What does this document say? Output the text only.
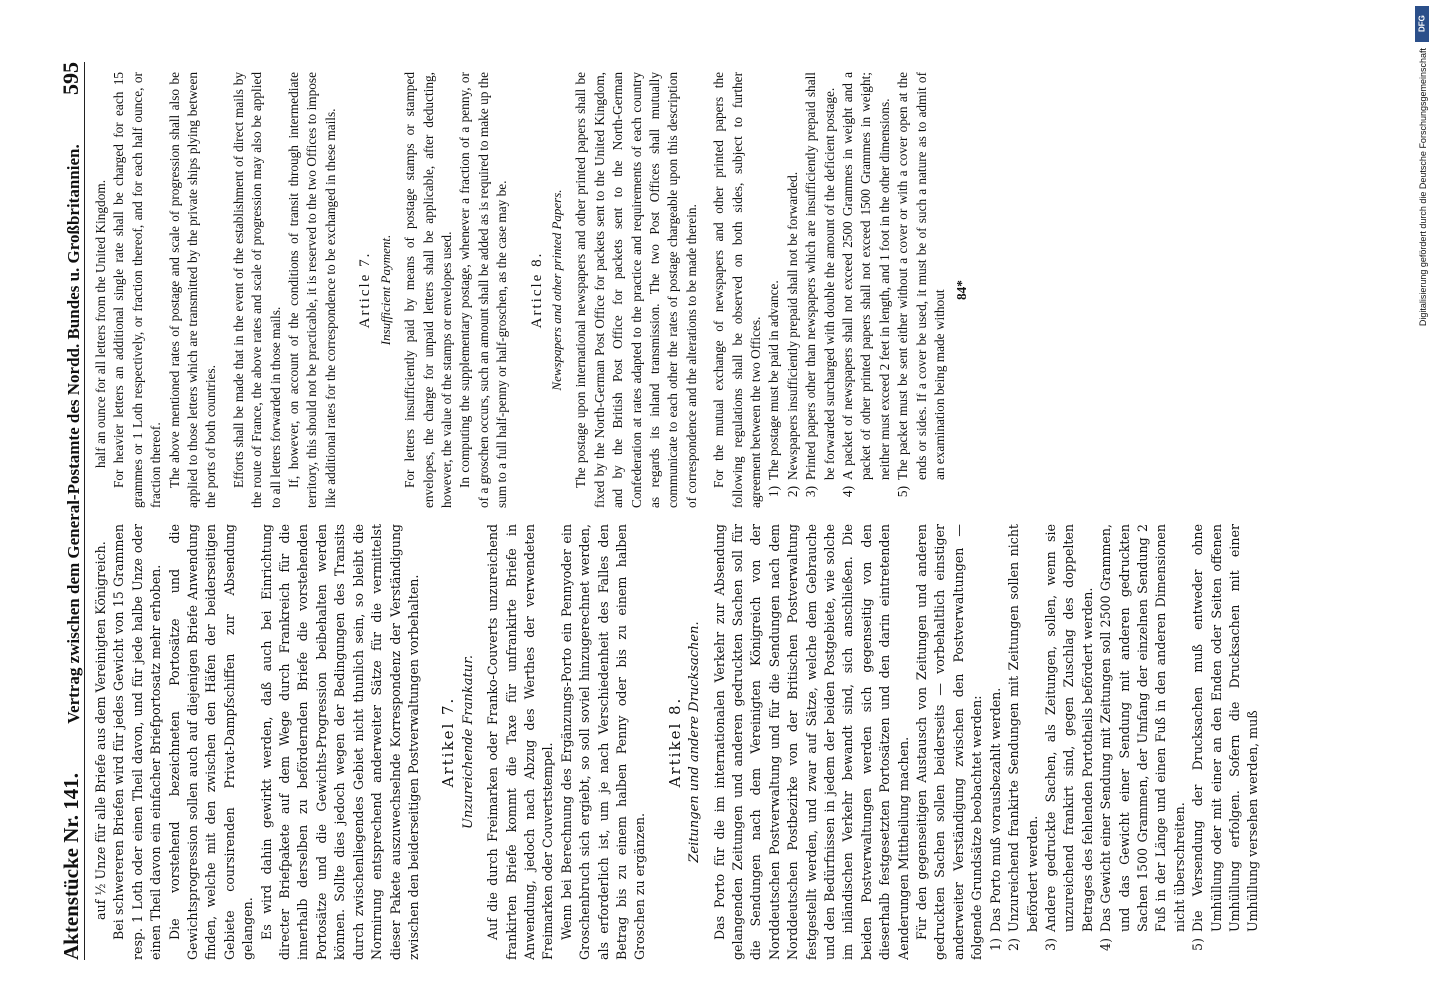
Aktenstücke Nr. 141.
Vertrag zwischen dem General-Postamte des Nordd. Bundes u. Großbritannien.
595

auf ½ Unze für alle Briefe aus dem Vereinigten Königreich. Bei schwereren Briefen wird für jedes Gewicht von 15 Grammen resp. 1 Loth oder einen Theil davon, und für jede halbe Unze oder einen Theil davon ein einfacher Briefportosatz mehr erhoben. Die vorstehend bezeichneten Portosätze und die Gewichtsprogression sollen auch auf diejenigen Briefe Anwendung finden, welche mit den zwischen den Häfen der beiderseitigen Gebiete coursirenden Privat-Dampfschiffen zur Absendung gelangen. Es wird dahin gewirkt werden, daß auch bei Einrichtung directer Briefpakete auf dem Wege durch Frankreich für die innerhalb derselben zu befördernden Briefe die vorstehenden Portosätze und die Gewichts-Progression beibehalten werden können. Sollte dies jedoch wegen der Bedingungen des Transits durch zwischenliegendes Gebiet nicht thunlich sein, so bleibt die Normirung entsprechend anderweiter Sätze für die vermittelst dieser Pakete auszuwechselnde Korrespondenz der Verständigung zwischen den beiderseitigen Postverwaltungen vorbehalten. Artikel 7. Unzureichende Frankatur. Auf die durch Freimarken oder Franko-Couverts unzureichend frankirten Briefe kommt die Taxe für unfrankirte Briefe in Anwendung, jedoch nach Abzug des Werthes der verwendeten Freimarken oder Couvertstempel. Wenn bei Berechnung des Ergänzungs-Porto ein Pennyoder ein Groschenbruch sich ergiebt, so soll soviel hinzugerechnet werden, als erforderlich ist, um je nach Verschiedenheit des Falles den Betrag bis zu einem halben Penny oder bis zu einem halben Groschen zu ergänzen.

Artikel 8. Zeitungen und andere Drucksachen. Das Porto für die im internationalen Verkehr zur Absendung gelangenden Zeitungen und anderen gedruckten Sachen soll für die Sendungen nach dem Vereinigten Königreich von der Norddeutschen Postverwaltung und für die Sendungen nach dem Norddeutschen Postbezirke von der Britischen Postverwaltung festgestellt werden, und zwar auf Sätze, welche dem Gebrauche und den Bedürfnissen in jedem der beiden Postgebiete, wie solche im inländischen Verkehr bewandt sind, sich anschließen. Die beiden Postverwaltungen werden sich gegenseitig von den dieserhalb festgesetzten Portosätzen und den darin eintretenden Aenderungen Mittheilung machen. Für den gegenseitigen Austausch von Zeitungen und anderen gedruckten Sachen sollen beiderseits — vorbehaltlich einstiger anderweiter Verständigung zwischen den Postverwaltungen — folgende Grundsätze beobachtet werden: 1)
Das Porto muß vorausbezahlt werden.
2)
Unzureichend frankirte Sendungen mit Zeitungen sollen nicht befördert werden.
3)
Andere gedruckte Sachen, als Zeitungen, sollen, wenn sie unzureichend frankirt sind, gegen Zuschlag des doppelten Betrages des fehlenden Portotheils befördert werden.
4)
Das Gewicht einer Sendung mit Zeitungen soll 2500 Grammen, und das Gewicht einer Sendung mit anderen gedruckten Sachen 1500 Grammen, der Umfang der einzelnen Sendung 2 Fuß in der Länge und einen Fuß in den anderen Dimensionen nicht überschreiten.
5)
Die Versendung der Drucksachen muß entweder ohne Umhüllung oder mit einer an den Enden oder Seiten offenen Umhüllung erfolgen. Sofern die Drucksachen mit einer Umhüllung versehen werden, muß

half an ounce for all letters from the United Kingdom. For heavier letters an additional single rate shall be charged for each 15 grammes or 1 Loth respectively, or fraction thereof, and for each half ounce, or fraction thereof. The above mentioned rates of postage and scale of progression shall also be applied to those letters which are transmitted by the private ships plying between the ports of both countries. Efforts shall be made that in the event of the establishment of direct mails by the route of France, the above rates and scale of progression may also be applied to all letters forwarded in those mails. If, however, on account of the conditions of transit through intermediate territory, this should not be practicable, it is reserved to the two Offices to impose like additional rates for the correspondence to be exchanged in these mails. Article 7. Insufficient Payment. For letters insufficiently paid by means of postage stamps or stamped envelopes, the charge for unpaid letters shall be applicable, after deducting, however, the value of the stamps or envelopes used. In computing the supplementary postage, whenever a fraction of a penny, or of a groschen occurs, such an amount shall be added as is required to make up the sum to a full half-penny or half-groschen, as the case may be. Article 8. Newspapers and other printed Papers. The postage upon international newspapers and other printed papers shall be fixed by the North-German Post Office for packets sent to the United Kingdom, and by the British Post Office for packets sent to the North-German Confederation at rates adapted to the practice and requirements of each country as regards its inland transmission. The two Post Offices shall mutually communicate to each other the rates of postage chargeable upon this description of correspondence and the alterations to be made therein. For the mutual exchange of newspapers and other printed papers the following regulations shall be observed on both sides, subject to further agreement between the two Offices. 1)
The postage must be paid in advance.
2)
Newspapers insufficiently prepaid shall not be forwarded.
3)
Printed papers other than newspapers which are insufficiently prepaid shall be forwarded surcharged with double the amount of the deficient postage.
4)
A packet of newspapers shall not exceed 2500 Grammes in weight and a packet of other printed papers shall not exceed 1500 Grammes in weight; neither must exceed 2 feet in length, and 1 foot in the other dimensions.
5)
The packet must be sent either without a cover or with a cover open at the ends or sides. If a cover be used, it must be of such a nature as to admit of an examination being made without 84*
DFG
Digitalisierung gefördert durch die Deutsche Forschungsgemeinschaft
